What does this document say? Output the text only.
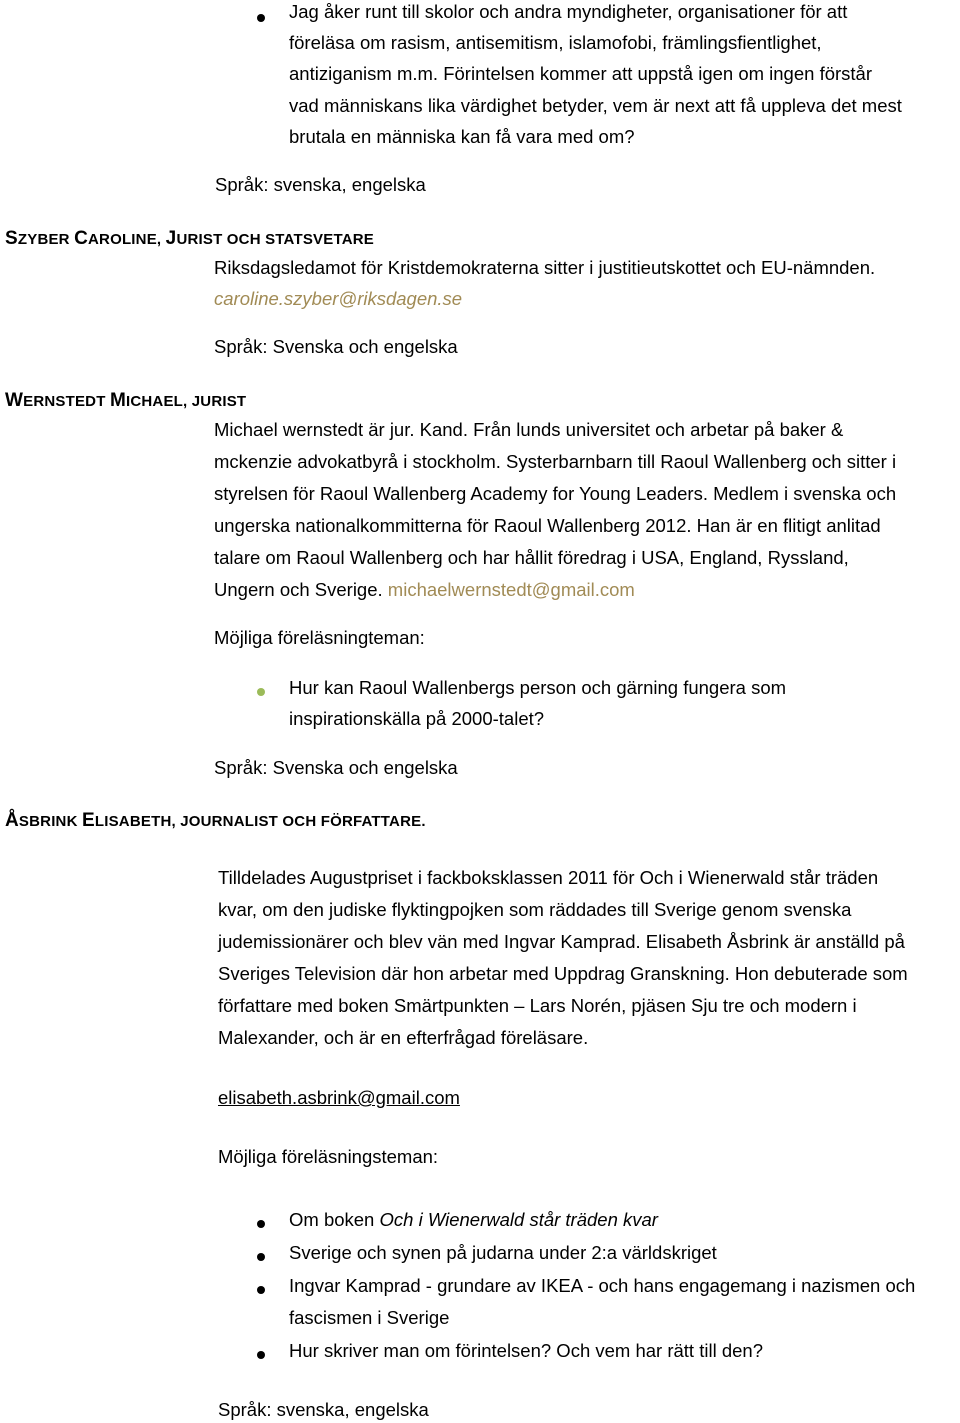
Jag åker runt till skolor och andra myndigheter, organisationer för att
föreläsa om rasism, antisemitism, islamofobi, främlingsfientlighet,
antiziganism m.m. Förintelsen kommer att uppstå igen om ingen förstår
vad människans lika värdighet betyder, vem är next att få uppleva det mest
brutala en människa kan få vara med om?
Språk: svenska, engelska
SZYBER CAROLINE, JURIST OCH STATSVETARE
Riksdagsledamot för Kristdemokraterna sitter i justitieutskottet och EU-nämnden.
caroline.szyber@riksdagen.se
Språk: Svenska och engelska
WERNSTEDT MICHAEL, JURIST
Michael wernstedt är jur. Kand. Från lunds universitet och arbetar på baker &
mckenzie advokatbyrå i stockholm. Systerbarnbarn till Raoul Wallenberg och sitter i
styrelsen för Raoul Wallenberg Academy for Young Leaders. Medlem i svenska och
ungerska nationalkommitterna för Raoul Wallenberg 2012. Han är en flitigt anlitad
talare om Raoul Wallenberg och har hållit föredrag i USA, England, Ryssland,
Ungern och Sverige. michaelwernstedt@gmail.com
Möjliga föreläsningteman:
Hur kan Raoul Wallenbergs person och gärning fungera som
inspirationskälla på 2000-talet?
Språk: Svenska och engelska
ÅSBRINK ELISABETH, JOURNALIST OCH FÖRFATTARE.
Tilldelades Augustpriset i fackboksklassen 2011 för Och i Wienerwald står träden
kvar, om den judiske flyktingpojken som räddades till Sverige genom svenska
judemissionärer och blev vän med Ingvar Kamprad. Elisabeth Åsbrink är anställd på
Sveriges Television där hon arbetar med Uppdrag Granskning. Hon debuterade som
författare med boken Smärtpunkten – Lars Norén, pjäsen Sju tre och modern i
Malexander, och är en efterfrågad föreläsare.
elisabeth.asbrink@gmail.com
Möjliga föreläsningsteman:
Om boken Och i Wienerwald står träden kvar
Sverige och synen på judarna under 2:a världskriget
Ingvar Kamprad - grundare av IKEA - och hans engagemang i nazismen och
fascismen i Sverige
Hur skriver man om förintelsen? Och vem har rätt till den?
Språk: svenska, engelska
